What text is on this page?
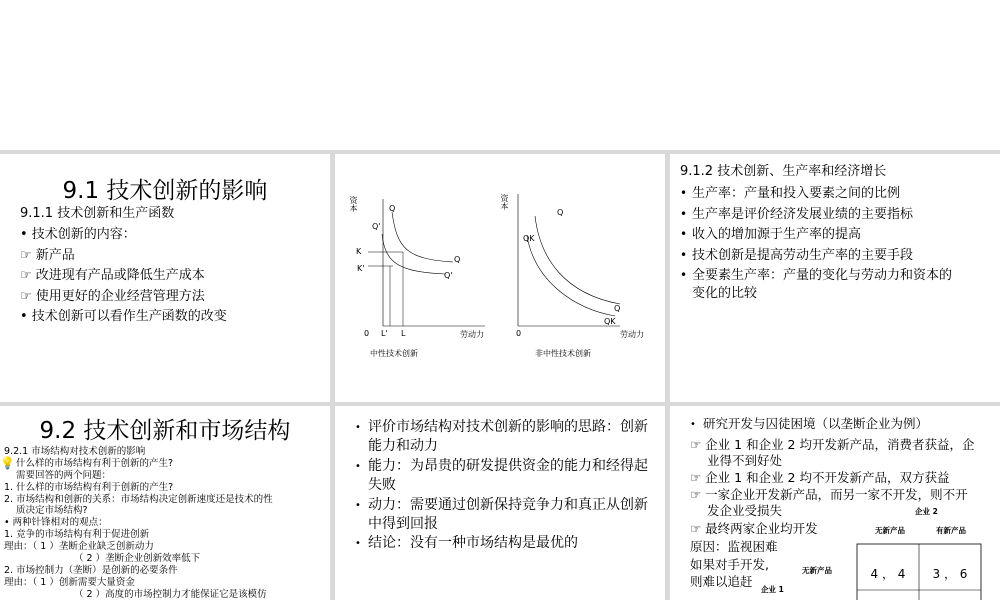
9.1 技术创新的影响
9.1.1 技术创新和生产函数
• 技术创新的内容：
☞ 新产品
☞ 改进现有产品或降低生产成本
☞ 使用更好的企业经营管理方法
• 技术创新可以看作生产函数的改变
资本	Q
Q'
K
K'
Q
Q'
0 L' L	劳动力
中性技术创新
资本
Q
QK
Q
QK
0	劳动力
非中性技术创新
9.1.2 技术创新、生产率和经济增长
• 生产率：产量和投入要素之间的比例
• 生产率是评价经济发展业绩的主要指标
• 收入的增加源于生产率的提高
• 技术创新是提高劳动生产率的主要手段
• 全要素生产率：产量的变化与劳动力和资本的
变化的比较
9.2 技术创新和市场结构
9.2.1 市场结构对技术创新的影响
💡 什么样的市场结构有利于创新的产生?
需要回答的两个问题：
1. 什么样的市场结构有利于创新的产生?
2. 市场结构和创新的关系：市场结构决定创新速度还是技术的性
质决定市场结构?
• 两种针锋相对的观点：
1. 竞争的市场结构有利于促进创新
理由：（ 1 ）垄断企业缺乏创新动力
（ 2 ）垄断企业创新效率低下
2. 市场控制力（垄断）是创新的必要条件
理由：（ 1 ）创新需要大量资金
（ 2 ）高度的市场控制力才能保证它是该模仿
• 评价市场结构对技术创新的影响的思路：创新能力和动力
• 能力：为昂贵的研发提供资金的能力和经得起失败
• 动力：需要通过创新保持竞争力和真正从创新中得到回报
• 结论：没有一种市场结构是最优的
• 研究开发与囚徒困境（以垄断企业为例）
☞ 企业 1 和企业 2 均开发新产品，消费者获益，企
业得不到好处
☞ 企业 1 和企业 2 均不开发新产品，双方获益
☞ 一家企业开发新产品，而另一家不开发，则不开
发企业受损失
☞ 最终两家企业均开发
原因：监视困难
如果对手开发,
则难以追赶
企业 2
无新产品	有新产品
无新产品
企业 1
4 ， 4	3 ， 6
